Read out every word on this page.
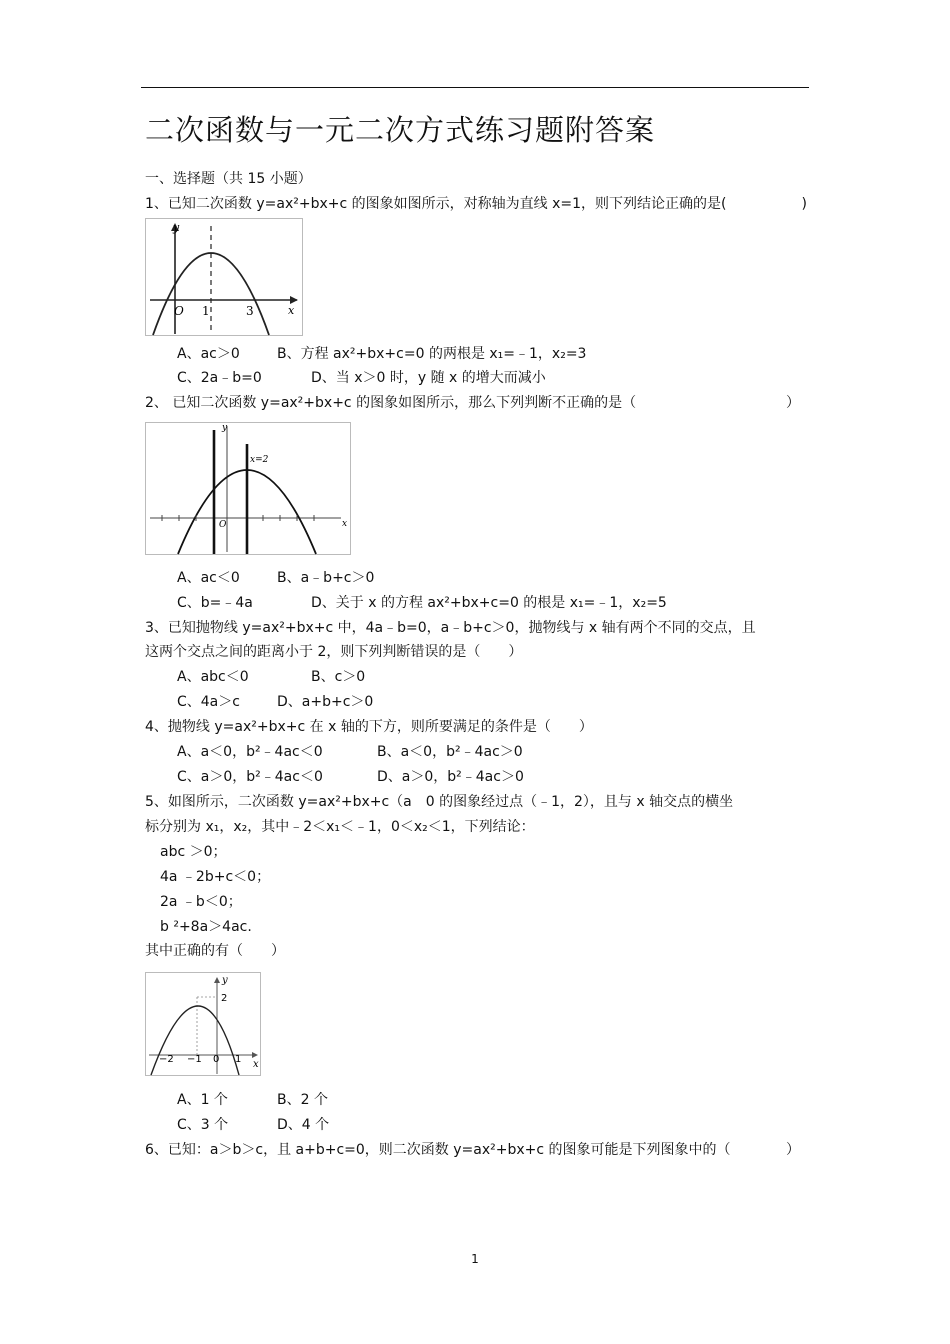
二次函数与一元二次方式练习题附答案
一、选择题（共 15 小题）
1、已知二次函数 y=ax²+bx+c 的图象如图所示，对称轴为直线 x=1，则下列结论正确的是(	)
y
O 1	3	x
A、ac＞0	B、方程 ax²+bx+c=0 的两根是 x₁=﹣1，x₂=3
C、2a﹣b=0	D、当 x＞0 时，y 随 x 的增大而减小
2、 已知二次函数 y=ax²+bx+c 的图象如图所示，那么下列判断不正确的是（	）
y
x=2
O	x
A、ac＜0	B、a﹣b+c＞0
C、b=﹣4a	D、关于 x 的方程 ax²+bx+c=0 的根是 x₁=﹣1，x₂=5
3、已知抛物线 y=ax²+bx+c 中，4a﹣b=0，a﹣b+c＞0，抛物线与 x 轴有两个不同的交点，且
这两个交点之间的距离小于 2，则下列判断错误的是（　　）
A、abc＜0	B、c＞0
C、4a＞c	D、a+b+c＞0
4、抛物线 y=ax²+bx+c 在 x 轴的下方，则所要满足的条件是（　　）
A、a＜0，b²﹣4ac＜0	B、a＜0，b²﹣4ac＞0
C、a＞0，b²﹣4ac＜0	D、a＞0，b²﹣4ac＞0
5、如图所示，二次函数 y=ax²+bx+c（a　0 的图象经过点（﹣1，2），且与 x 轴交点的横坐
标分别为 x₁，x₂，其中﹣2＜x₁＜﹣1，0＜x₂＜1，下列结论：
abc ＞0；
4a ﹣2b+c＜0；
2a ﹣b＜0；
b ²+8a＞4ac.
其中正确的有（　　）
y
2
−2 −1 0 1 x
A、1 个	B、2 个
C、3 个	D、4 个
6、已知：a＞b＞c，且 a+b+c=0，则二次函数 y=ax²+bx+c 的图象可能是下列图象中的（	）
1
